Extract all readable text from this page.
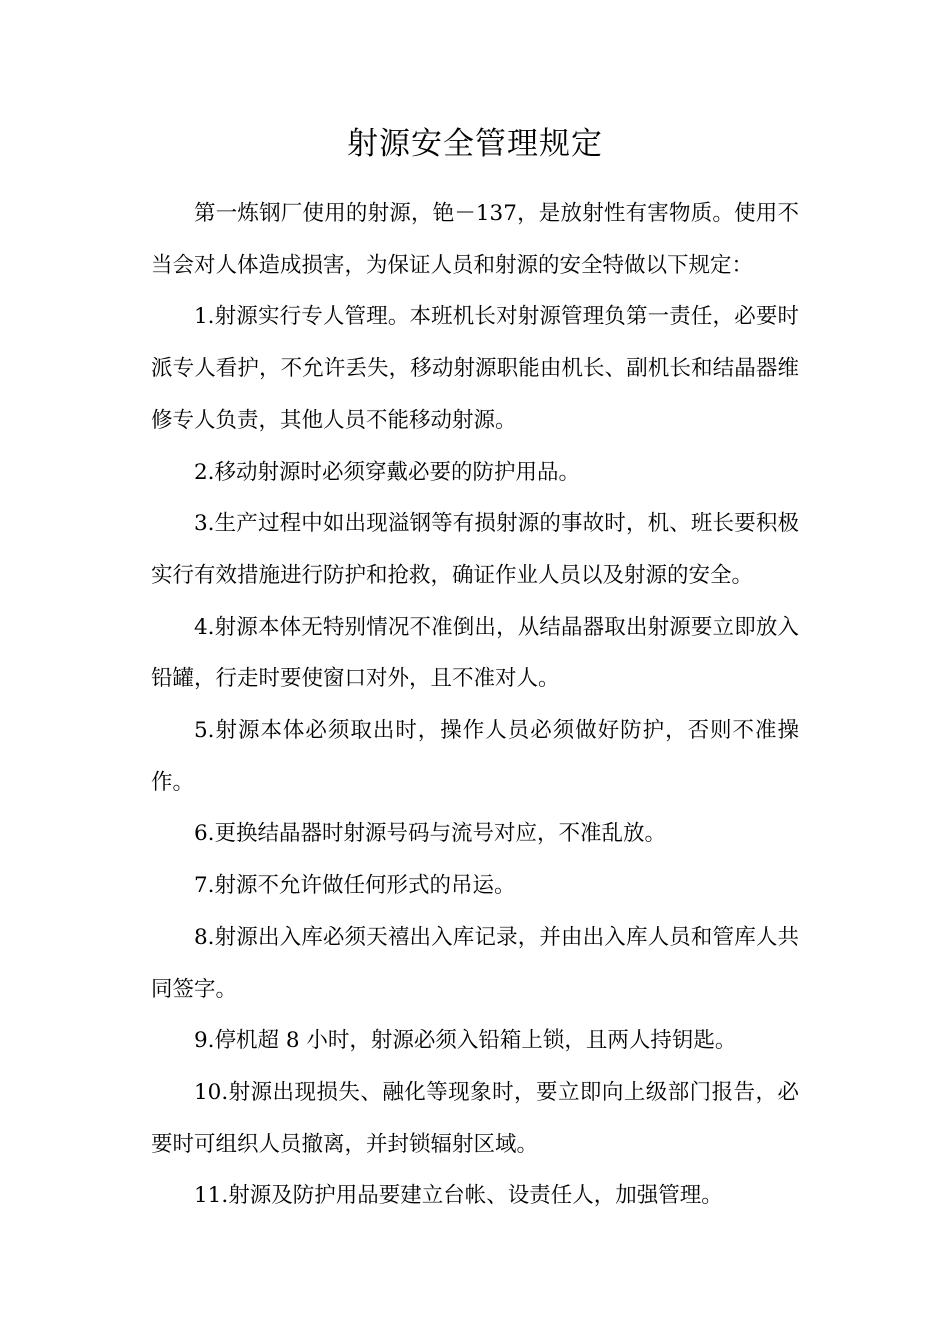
射源安全管理规定

第一炼钢厂使用的射源，铯－137，是放射性有害物质。使用不当会对人体造成损害，为保证人员和射源的安全特做以下规定：

1.射源实行专人管理。本班机长对射源管理负第一责任，必要时派专人看护，不允许丢失，移动射源职能由机长、副机长和结晶器维修专人负责，其他人员不能移动射源。

2.移动射源时必须穿戴必要的防护用品。

3.生产过程中如出现溢钢等有损射源的事故时，机、班长要积极实行有效措施进行防护和抢救，确证作业人员以及射源的安全。

4.射源本体无特别情况不准倒出，从结晶器取出射源要立即放入铅罐，行走时要使窗口对外，且不准对人。

5.射源本体必须取出时，操作人员必须做好防护，否则不准操作。

6.更换结晶器时射源号码与流号对应，不准乱放。

7.射源不允许做任何形式的吊运。

8.射源出入库必须天禧出入库记录，并由出入库人员和管库人共同签字。

9.停机超 8 小时，射源必须入铅箱上锁，且两人持钥匙。

10.射源出现损失、融化等现象时，要立即向上级部门报告，必要时可组织人员撤离，并封锁辐射区域。

11.射源及防护用品要建立台帐、设责任人，加强管理。
